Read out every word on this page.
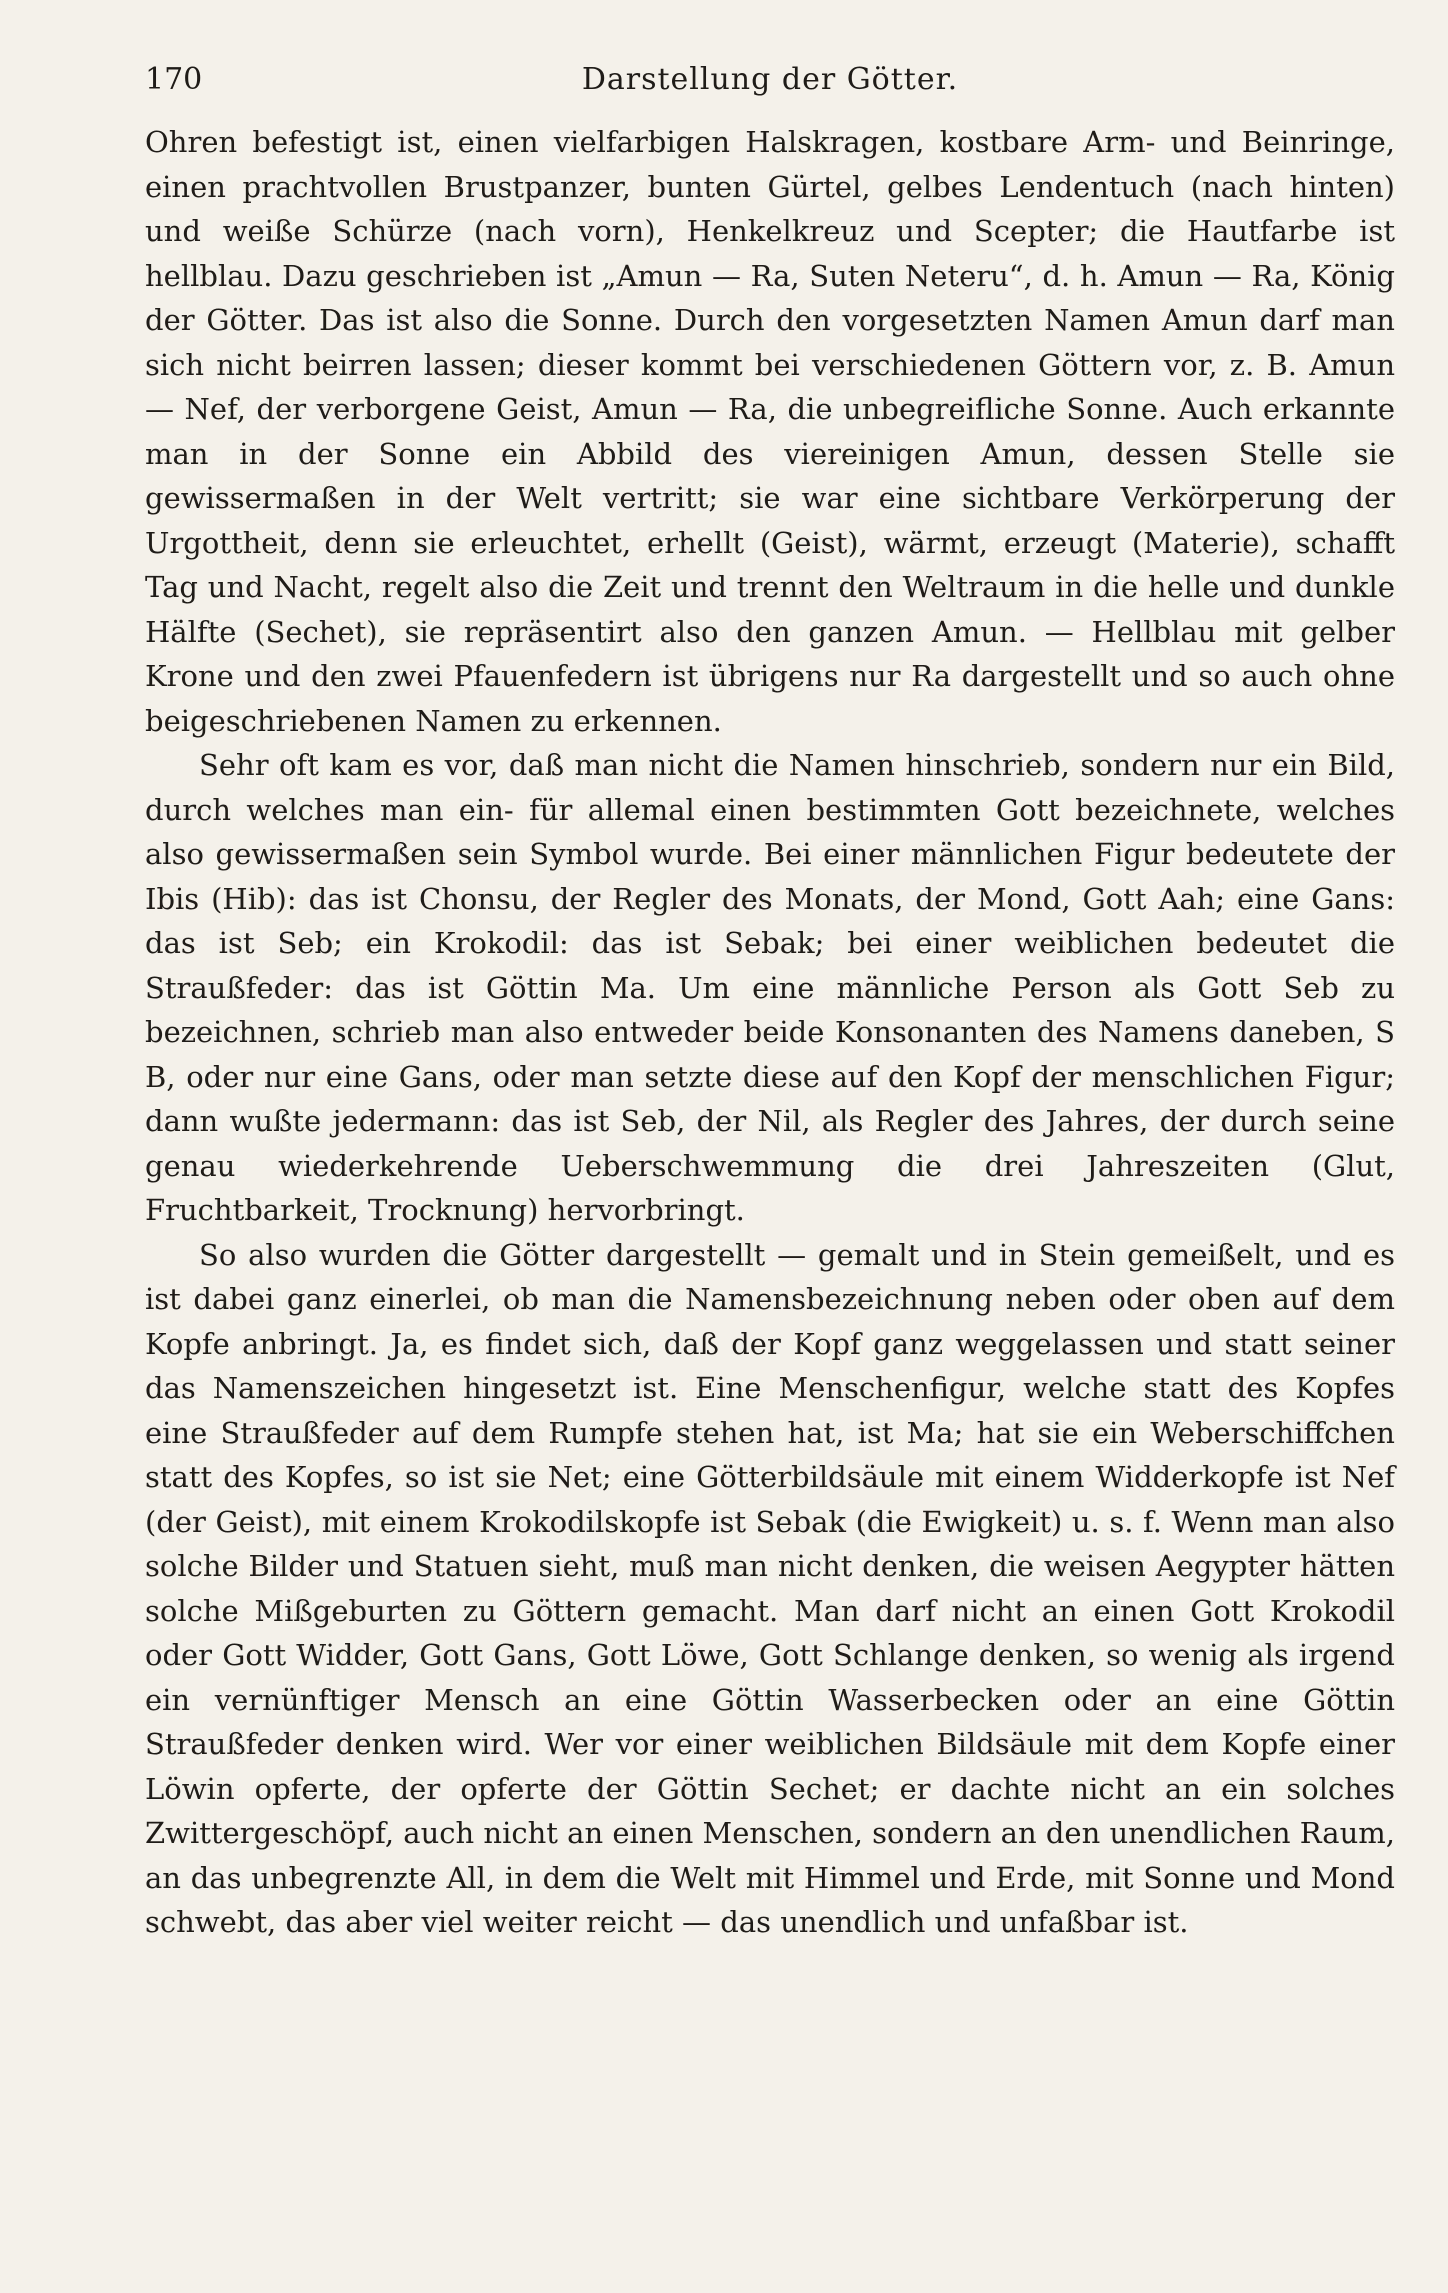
170	Darstellung der Götter.

Ohren befestigt ist, einen vielfarbigen Halskragen, kostbare Arm- und Beinringe, einen prachtvollen Brustpanzer, bunten Gürtel, gelbes Lendentuch (nach hinten) und weiße Schürze (nach vorn), Henkelkreuz und Scepter; die Hautfarbe ist hellblau. Dazu geschrieben ist „Amun — Ra, Suten Neteru“, d. h. Amun — Ra, König der Götter. Das ist also die Sonne. Durch den vorgesetzten Namen Amun darf man sich nicht beirren lassen; dieser kommt bei verschiedenen Göttern vor, z. B. Amun — Nef, der verborgene Geist, Amun — Ra, die unbegreifliche Sonne. Auch erkannte man in der Sonne ein Abbild des viereinigen Amun, dessen Stelle sie gewissermaßen in der Welt vertritt; sie war eine sichtbare Verkörperung der Urgottheit, denn sie erleuchtet, erhellt (Geist), wärmt, erzeugt (Materie), schafft Tag und Nacht, regelt also die Zeit und trennt den Weltraum in die helle und dunkle Hälfte (Sechet), sie repräsentirt also den ganzen Amun. — Hellblau mit gelber Krone und den zwei Pfauenfedern ist übrigens nur Ra dargestellt und so auch ohne beigeschriebenen Namen zu erkennen.

Sehr oft kam es vor, daß man nicht die Namen hinschrieb, sondern nur ein Bild, durch welches man ein- für allemal einen bestimmten Gott bezeichnete, welches also gewissermaßen sein Symbol wurde. Bei einer männlichen Figur bedeutete der Ibis (Hib): das ist Chonsu, der Regler des Monats, der Mond, Gott Aah; eine Gans: das ist Seb; ein Krokodil: das ist Sebak; bei einer weiblichen bedeutet die Straußfeder: das ist Göttin Ma. Um eine männliche Person als Gott Seb zu bezeichnen, schrieb man also entweder beide Konsonanten des Namens daneben, S B, oder nur eine Gans, oder man setzte diese auf den Kopf der menschlichen Figur; dann wußte jedermann: das ist Seb, der Nil, als Regler des Jahres, der durch seine genau wiederkehrende Ueberschwemmung die drei Jahreszeiten (Glut, Fruchtbarkeit, Trocknung) hervorbringt.

So also wurden die Götter dargestellt — gemalt und in Stein gemeißelt, und es ist dabei ganz einerlei, ob man die Namensbezeichnung neben oder oben auf dem Kopfe anbringt. Ja, es findet sich, daß der Kopf ganz weggelassen und statt seiner das Namenszeichen hingesetzt ist. Eine Menschenfigur, welche statt des Kopfes eine Straußfeder auf dem Rumpfe stehen hat, ist Ma; hat sie ein Weberschiffchen statt des Kopfes, so ist sie Net; eine Götterbildsäule mit einem Widderkopfe ist Nef (der Geist), mit einem Krokodilskopfe ist Sebak (die Ewigkeit) u. s. f. Wenn man also solche Bilder und Statuen sieht, muß man nicht denken, die weisen Aegypter hätten solche Mißgeburten zu Göttern gemacht. Man darf nicht an einen Gott Krokodil oder Gott Widder, Gott Gans, Gott Löwe, Gott Schlange denken, so wenig als irgend ein vernünftiger Mensch an eine Göttin Wasserbecken oder an eine Göttin Straußfeder denken wird. Wer vor einer weiblichen Bildsäule mit dem Kopfe einer Löwin opferte, der opferte der Göttin Sechet; er dachte nicht an ein solches Zwittergeschöpf, auch nicht an einen Menschen, sondern an den unendlichen Raum, an das unbegrenzte All, in dem die Welt mit Himmel und Erde, mit Sonne und Mond schwebt, das aber viel weiter reicht — das unendlich und unfaßbar ist.
